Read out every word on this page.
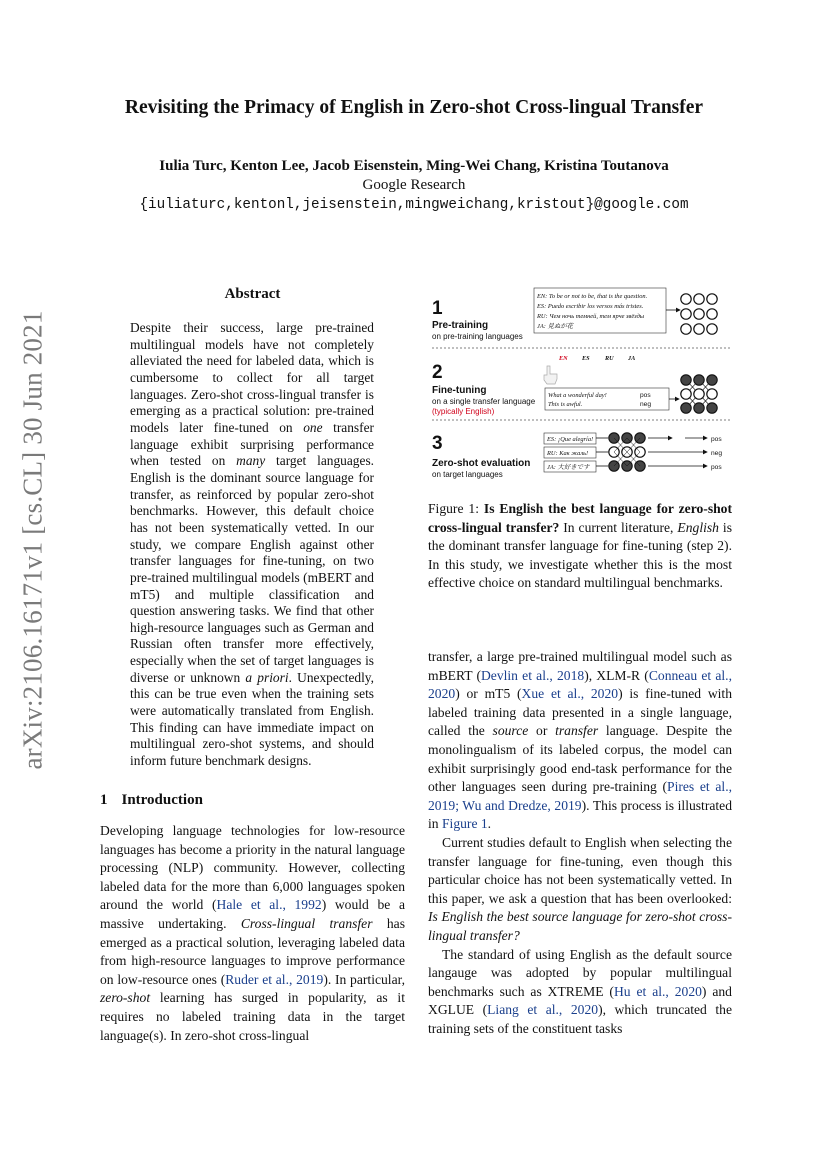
arXiv:2106.16171v1 [cs.CL] 30 Jun 2021
Revisiting the Primacy of English in Zero-shot Cross-lingual Transfer
Iulia Turc, Kenton Lee, Jacob Eisenstein, Ming-Wei Chang, Kristina Toutanova
Google Research
{iuliaturc,kentonl,jeisenstein,mingweichang,kristout}@google.com
Abstract
Despite their success, large pre-trained multilingual models have not completely alleviated the need for labeled data, which is cumbersome to collect for all target languages. Zero-shot cross-lingual transfer is emerging as a practical solution: pre-trained models later fine-tuned on one transfer language exhibit surprising performance when tested on many target languages. English is the dominant source language for transfer, as reinforced by popular zero-shot benchmarks. However, this default choice has not been systematically vetted. In our study, we compare English against other transfer languages for fine-tuning, on two pre-trained multilingual models (mBERT and mT5) and multiple classification and question answering tasks. We find that other high-resource languages such as German and Russian often transfer more effectively, especially when the set of target languages is diverse or unknown a priori. Unexpectedly, this can be true even when the training sets were automatically translated from English. This finding can have immediate impact on multilingual zero-shot systems, and should inform future benchmark designs.
1 Introduction
Developing language technologies for low-resource languages has become a priority in the natural language processing (NLP) community. However, collecting labeled data for the more than 6,000 languages spoken around the world (Hale et al., 1992) would be a massive undertaking. Cross-lingual transfer has emerged as a practical solution, leveraging labeled data from high-resource languages to improve performance on low-resource ones (Ruder et al., 2019). In particular, zero-shot learning has surged in popularity, as it requires no labeled training data in the target language(s). In zero-shot cross-lingual
1
Pre-training
on pre-training languages
EN: To be or not to be, that is the question.
ES: Puedo escribir los versos más tristes.
RU: Чем ночь темней, тем ярче звёзды
JA: 見ぬが花
EN ES RU JA
2
Fine-tuning
on a single transfer language
(typically English)
What a wonderful day!
This is awful.
pos
neg
3
Zero-shot evaluation
on target languages
ES: ¡Que alegría!	pos
RU: Как жаль!	neg
JA: 大好きです	pos
Figure 1: Is English the best language for zero-shot cross-lingual transfer? In current literature, English is the dominant transfer language for fine-tuning (step 2). In this study, we investigate whether this is the most effective choice on standard multilingual benchmarks.
transfer, a large pre-trained multilingual model such as mBERT (Devlin et al., 2018), XLM-R (Conneau et al., 2020) or mT5 (Xue et al., 2020) is fine-tuned with labeled training data presented in a single language, called the source or transfer language. Despite the monolingualism of its labeled corpus, the model can exhibit surprisingly good end-task performance for the other languages seen during pre-training (Pires et al., 2019; Wu and Dredze, 2019). This process is illustrated in Figure 1.
Current studies default to English when selecting the transfer language for fine-tuning, even though this particular choice has not been systematically vetted. In this paper, we ask a question that has been overlooked: Is English the best source language for zero-shot cross-lingual transfer?
The standard of using English as the default source langauge was adopted by popular multilingual benchmarks such as XTREME (Hu et al., 2020) and XGLUE (Liang et al., 2020), which truncated the training sets of the constituent tasks
